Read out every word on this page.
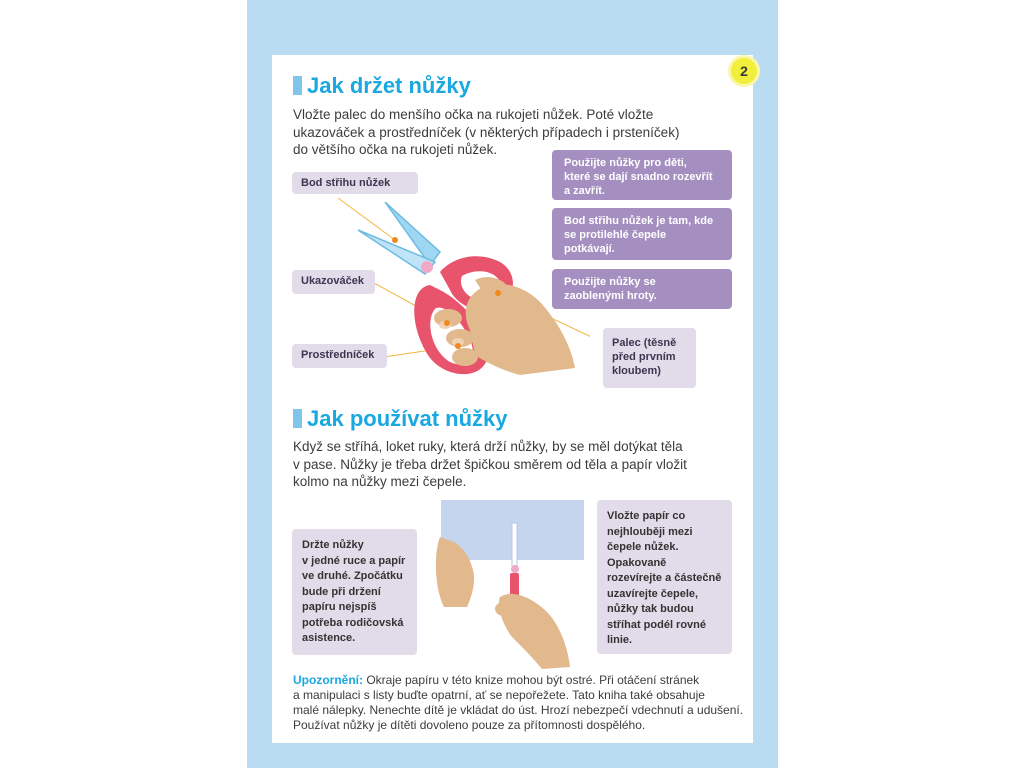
2
Jak držet nůžky
Vložte palec do menšího očka na rukojeti nůžek. Poté vložte
ukazováček a prostředníček (v některých případech i prsteníček)
do většího očka na rukojeti nůžek.
Bod střihu nůžek
Ukazováček
Prostředníček
Palec (těsně
před prvním
kloubem)
Použijte nůžky pro děti,
které se dají snadno rozevřít
a zavřít.
Bod střihu nůžek je tam, kde
se protilehlé čepele
potkávají.
Použijte nůžky se
zaoblenými hroty.
Jak používat nůžky
Když se stříhá, loket ruky, která drží nůžky, by se měl dotýkat těla
v pase. Nůžky je třeba držet špičkou směrem od těla a papír vložit
kolmo na nůžky mezi čepele.
Držte nůžky
v jedné ruce a papír
ve druhé. Zpočátku
bude při držení
papíru nejspíš
potřeba rodičovská
asistence.
Vložte papír co
nejhlouběji mezi
čepele nůžek.
Opakovaně
rozevírejte a částečně
uzavírejte čepele,
nůžky tak budou
stříhat podél rovné
linie.
Upozornění: Okraje papíru v této knize mohou být ostré. Při otáčení stránek
a manipulaci s listy buďte opatrní, ať se nepořežete. Tato kniha také obsahuje
malé nálepky. Nenechte dítě je vkládat do úst. Hrozí nebezpečí vdechnutí a udušení.
Používat nůžky je dítěti dovoleno pouze za přítomnosti dospělého.
